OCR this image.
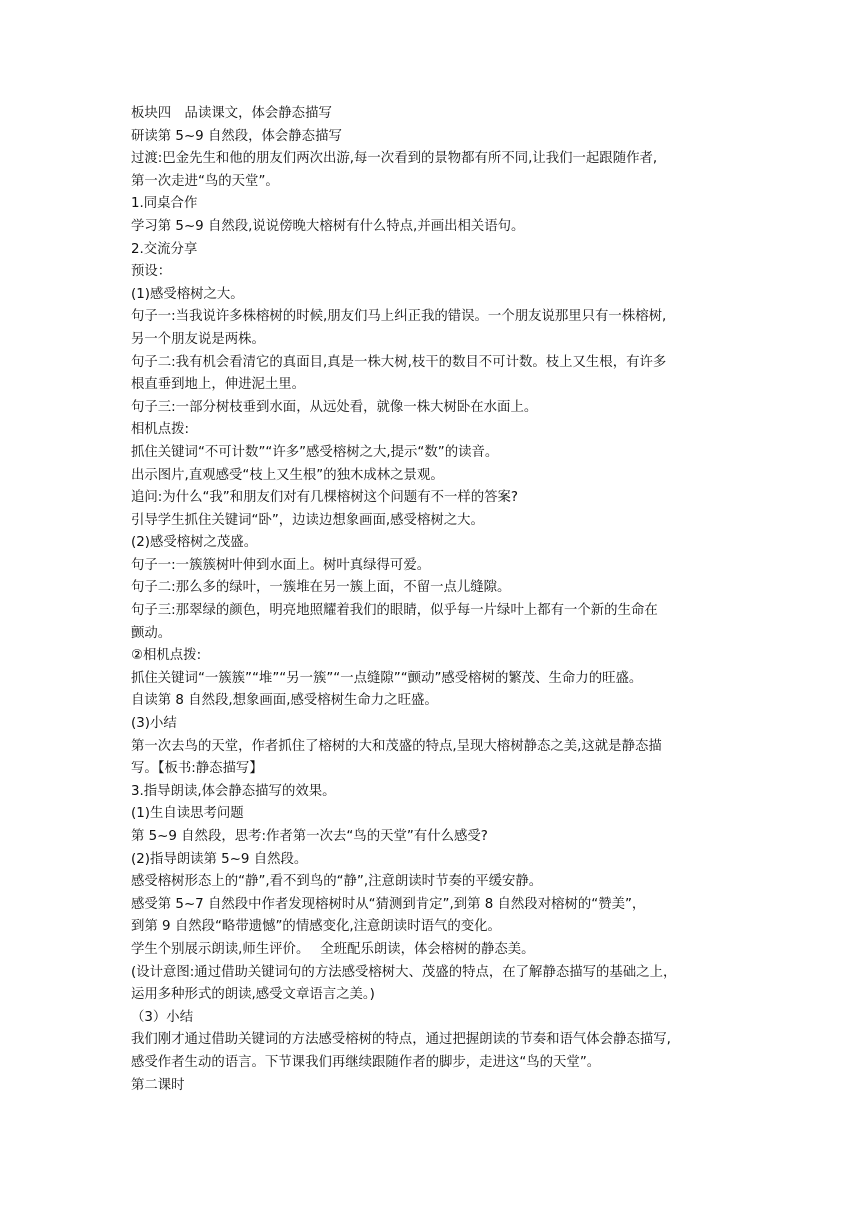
板块四　品读课文，体会静态描写
研读第 5~9 自然段，体会静态描写
过渡:巴金先生和他的朋友们两次出游,每一次看到的景物都有所不同,让我们一起跟随作者,
第一次走进“鸟的天堂”。
1.同桌合作
学习第 5~9 自然段,说说傍晚大榕树有什么特点,并画出相关语句。
2.交流分享
预设：
(1)感受榕树之大。
句子一:当我说许多株榕树的时候,朋友们马上纠正我的错误。一个朋友说那里只有一株榕树,
另一个朋友说是两株。
句子二:我有机会看清它的真面目,真是一株大树,枝干的数目不可计数。枝上又生根，有许多
根直垂到地上，伸进泥土里。
句子三:一部分树枝垂到水面，从远处看，就像一株大树卧在水面上。
相机点拨:
抓住关键词“不可计数”“许多”感受榕树之大,提示“数”的读音。
出示图片,直观感受“枝上又生根”的独木成林之景观。
追问:为什么“我”和朋友们对有几棵榕树这个问题有不一样的答案?
引导学生抓住关键词“卧”，边读边想象画面,感受榕树之大。
(2)感受榕树之茂盛。
句子一:一簇簇树叶伸到水面上。树叶真绿得可爱。
句子二:那么多的绿叶，一簇堆在另一簇上面，不留一点儿缝隙。
句子三:那翠绿的颜色，明亮地照耀着我们的眼睛，似乎每一片绿叶上都有一个新的生命在
颤动。
②相机点拨:
抓住关键词“一簇簇”“堆”“另一簇”“一点缝隙”“颤动”感受榕树的繁茂、生命力的旺盛。
自读第 8 自然段,想象画面,感受榕树生命力之旺盛。
(3)小结
第一次去鸟的天堂，作者抓住了榕树的大和茂盛的特点,呈现大榕树静态之美,这就是静态描
写。【板书:静态描写】
3.指导朗读,体会静态描写的效果。
(1)生自读思考问题
第 5~9 自然段，思考:作者第一次去“鸟的天堂”有什么感受?
(2)指导朗读第 5~9 自然段。
感受榕树形态上的“静”,看不到鸟的“静”,注意朗读时节奏的平缓安静。
感受第 5~7 自然段中作者发现榕树时从“猜测到肯定”,到第 8 自然段对榕树的“赞美”，
到第 9 自然段“略带遗憾”的情感变化,注意朗读时语气的变化。
学生个别展示朗读,师生评价。　 全班配乐朗读，体会榕树的静态美。
(设计意图:通过借助关键词句的方法感受榕树大、茂盛的特点，在了解静态描写的基础之上，
运用多种形式的朗读,感受文章语言之美。)
（3）小结
我们刚才通过借助关键词的方法感受榕树的特点，通过把握朗读的节奏和语气体会静态描写,
感受作者生动的语言。下节课我们再继续跟随作者的脚步，走进这“鸟的天堂”。
第二课时
